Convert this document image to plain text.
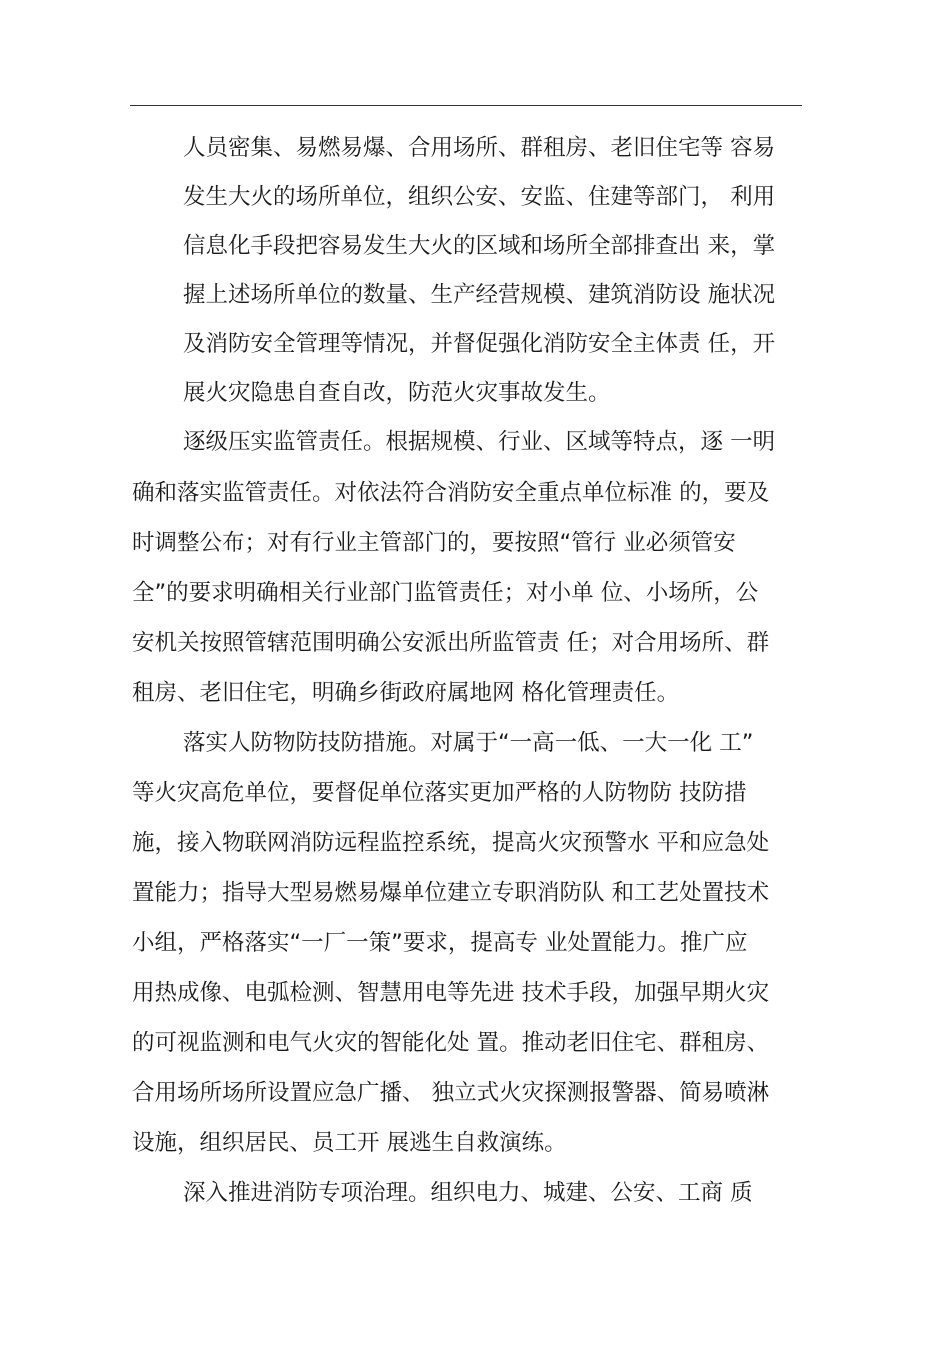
人员密集、易燃易爆、合用场所、群租房、老旧住宅等 容易
发生大火的场所单位，组织公安、安监、住建等部门， 利用
信息化手段把容易发生大火的区域和场所全部排查出 来，掌
握上述场所单位的数量、生产经营规模、建筑消防设 施状况
及消防安全管理等情况，并督促强化消防安全主体责 任，开
展火灾隐患自查自改，防范火灾事故发生。
逐级压实监管责任。根据规模、行业、区域等特点，逐 一明
确和落实监管责任。对依法符合消防安全重点单位标准 的，要及
时调整公布；对有行业主管部门的，要按照“管行 业必须管安
全”的要求明确相关行业部门监管责任；对小单 位、小场所，公
安机关按照管辖范围明确公安派出所监管责 任；对合用场所、群
租房、老旧住宅，明确乡街政府属地网 格化管理责任。
落实人防物防技防措施。对属于“一高一低、一大一化 工”
等火灾高危单位，要督促单位落实更加严格的人防物防 技防措
施，接入物联网消防远程监控系统，提高火灾预警水 平和应急处
置能力；指导大型易燃易爆单位建立专职消防队 和工艺处置技术
小组，严格落实“一厂一策”要求，提高专 业处置能力。推广应
用热成像、电弧检测、智慧用电等先进 技术手段，加强早期火灾
的可视监测和电气火灾的智能化处 置。推动老旧住宅、群租房、
合用场所场所设置应急广播、 独立式火灾探测报警器、简易喷淋
设施，组织居民、员工开 展逃生自救演练。
深入推进消防专项治理。组织电力、城建、公安、工商 质
